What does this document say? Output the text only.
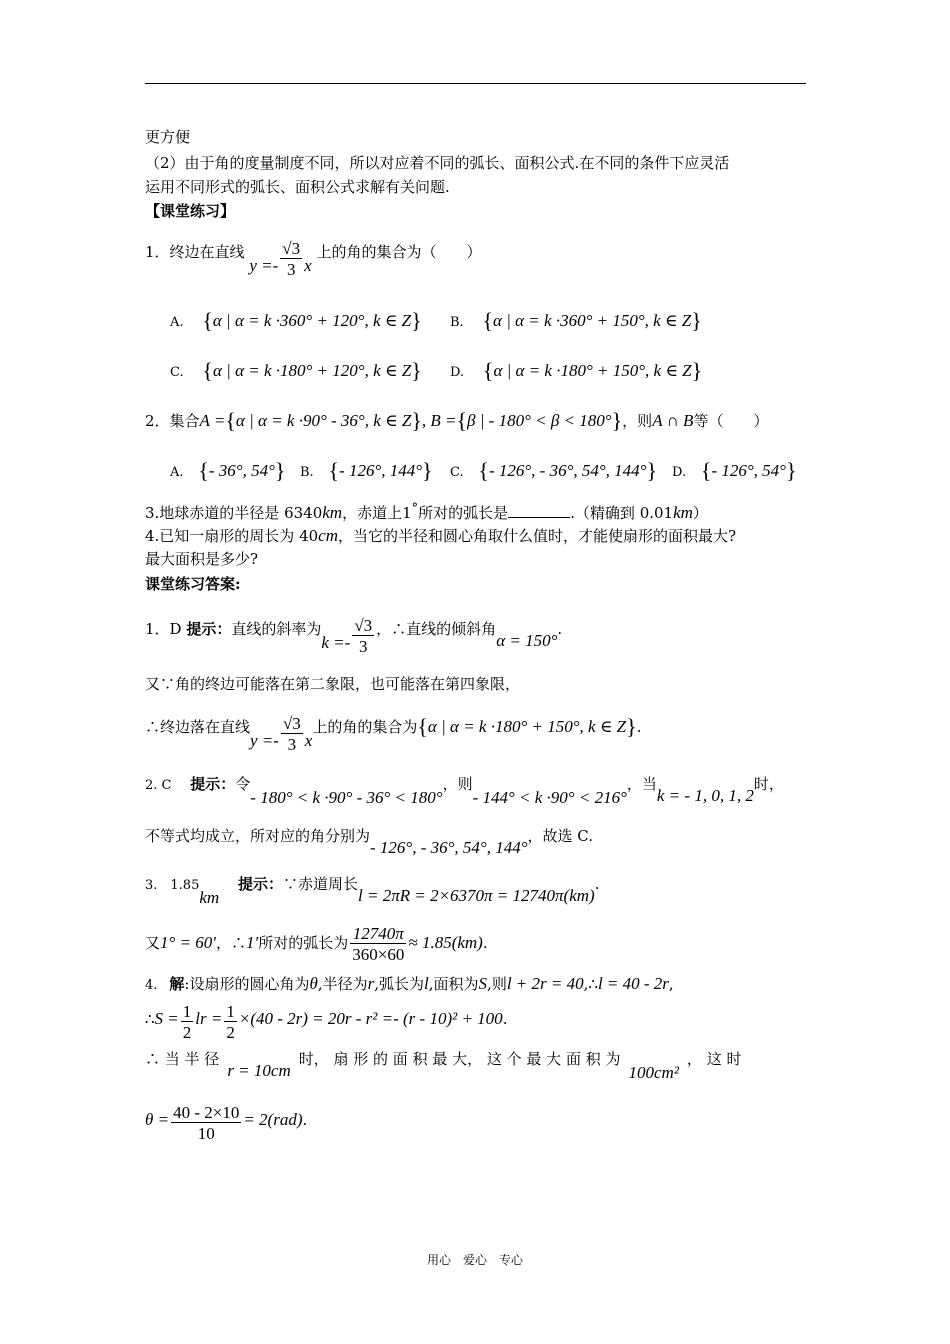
更方便
（2）由于角的度量制度不同，所以对应着不同的弧长、面积公式.在不同的条件下应灵活
运用不同形式的弧长、面积公式求解有关问题.
【课堂练习】
1．终边在直线 $y =- \frac{√3}{3}$ x 上的角的集合为（　　）
A. {α | α = k ·360° + 120°, k ∈ Z} B. {α | α = k ·360° + 150°, k ∈ Z}
C. {α | α = k ·180° + 120°, k ∈ Z} D. {α | α = k ·180° + 150°, k ∈ Z}
2．集合A ={α | α = k ·90° - 36°, k ∈ Z}, B ={β | - 180° < β < 180°}，则A ∩ B等（　　）
A. {- 36°, 54°} B. {- 126°, 144°} C. {- 126°, - 36°, 54°, 144°} D. {- 126°, 54°}
3.地球赤道的半径是 6340km，赤道上1°所对的弧长是	.（精确到 0.01km）
4.已知一扇形的周长为 40cm，当它的半径和圆心角取什么值时，才能使扇形的面积最大?
最大面积是多少?
课堂练习答案:
1．D 提示：直线的斜率为$k =- \frac{√3}{3}$ ，∴直线的倾斜角α = 150°.
又∵角的终边可能落在第二象限，也可能落在第四象限，
∴终边落在直线$y =- \frac{√3}{3}$ x上的角的集合为{α | α = k ·180° + 150°, k ∈ Z}.
2. C 提示：令- 180° < k ·90° - 36° < 180°，则- 144° < k ·90° < 216°，当k = - 1, 0, 1, 2时，
不等式均成立，所对应的角分别为- 126°, - 36°, 54°, 144°，故选 C.
3.　1.85km 提示：∵赤道周长l = 2πR = 2×6370π = 12740π(km).
又1° = 60′，∴1′所对的弧长为 $\frac{12740\pi}{360\times 60} \approx 1.85(km)$.
4. 解:设扇形的圆心角为θ,半径为r,弧长为l,面积为S,则l + 2r = 40,∴l = 40 - 2r,
∴S = $\frac{1}{2}$ lr = $\frac{1}{2} \times(40 - 2r) = 20r - r^2 =- (r - 10)^2 + 100$.
∴ 当 半 径r = 10cm时， 扇 形 的 面 积 最 大， 这 个 最 大 面 积 为100cm²， 这 时
$\theta = \frac{40 - 2\times 10}{10} = 2(rad)$.
用心　爱心　专心
